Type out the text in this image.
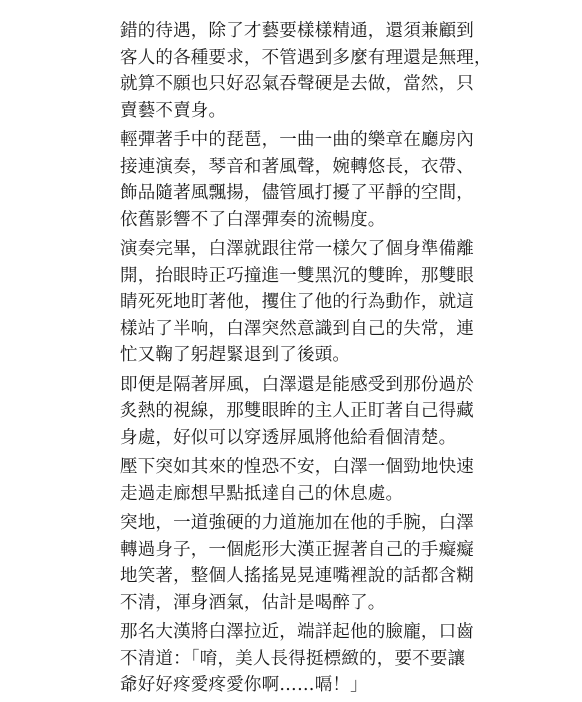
錯的待遇，除了才藝要樣樣精通，還須兼顧到
客人的各種要求，不管遇到多麼有理還是無理，
就算不願也只好忍氣吞聲硬是去做，當然，只
賣藝不賣身。
輕彈著手中的琵琶，一曲一曲的樂章在廳房內
接連演奏，琴音和著風聲，婉轉悠長，衣帶、
飾品隨著風飄揚，儘管風打擾了平靜的空間，
依舊影響不了白澤彈奏的流暢度。
演奏完畢，白澤就跟往常一樣欠了個身準備離
開，抬眼時正巧撞進一雙黑沉的雙眸，那雙眼
睛死死地盯著他，攫住了他的行為動作，就這
樣站了半响，白澤突然意識到自己的失常，連
忙又鞠了躬趕緊退到了後頭。
即便是隔著屏風，白澤還是能感受到那份過於
炙熱的視線，那雙眼眸的主人正盯著自己得藏
身處，好似可以穿透屏風將他給看個清楚。
壓下突如其來的惶恐不安，白澤一個勁地快速
走過走廊想早點抵達自己的休息處。
突地，一道強硬的力道施加在他的手腕，白澤
轉過身子，一個彪形大漢正握著自己的手癡癡
地笑著，整個人搖搖晃晃連嘴裡說的話都含糊
不清，渾身酒氣，估計是喝醉了。
那名大漢將白澤拉近，端詳起他的臉龐，口齒
不清道：「唷，美人長得挺標緻的，要不要讓
爺好好疼愛疼愛你啊……嗝！」
